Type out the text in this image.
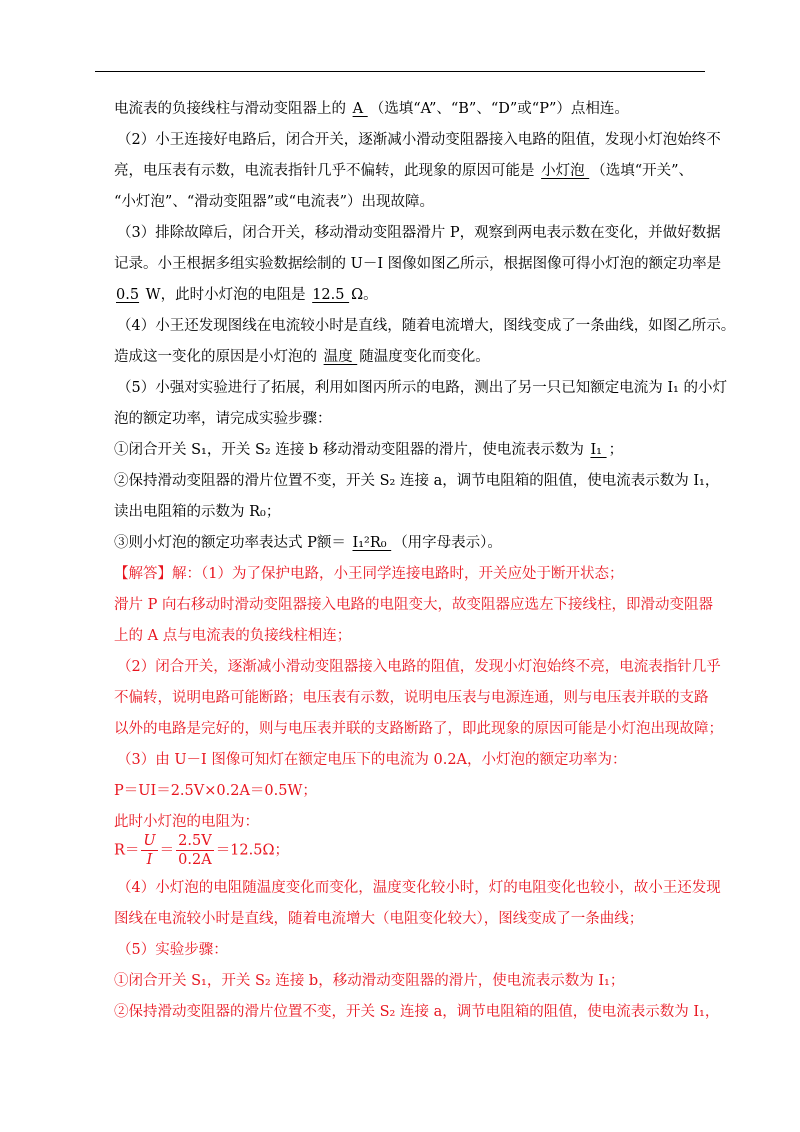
电流表的负接线柱与滑动变阻器上的 A （选填“A”、“B”、“D”或“P”）点相连。
（2）小王连接好电路后，闭合开关，逐渐减小滑动变阻器接入电路的阻值，发现小灯泡始终不
亮，电压表有示数，电流表指针几乎不偏转，此现象的原因可能是 小灯泡 （选填“开关”、
“小灯泡”、“滑动变阻器”或“电流表”）出现故障。
（3）排除故障后，闭合开关，移动滑动变阻器滑片 P，观察到两电表示数在变化，并做好数据
记录。小王根据多组实验数据绘制的 U－I 图像如图乙所示，根据图像可得小灯泡的额定功率是
0.5 W，此时小灯泡的电阻是 12.5 Ω。
（4）小王还发现图线在电流较小时是直线，随着电流增大，图线变成了一条曲线，如图乙所示。
造成这一变化的原因是小灯泡的 温度 随温度变化而变化。
（5）小强对实验进行了拓展，利用如图丙所示的电路，测出了另一只已知额定电流为 I₁ 的小灯
泡的额定功率，请完成实验步骤：
①闭合开关 S₁，开关 S₂ 连接 b 移动滑动变阻器的滑片，使电流表示数为 I₁ ；
②保持滑动变阻器的滑片位置不变，开关 S₂ 连接 a，调节电阻箱的阻值，使电流表示数为 I₁，
读出电阻箱的示数为 R₀；
③则小灯泡的额定功率表达式 P额＝ I₁²R₀ （用字母表示）。
【解答】解：（1）为了保护电路，小王同学连接电路时，开关应处于断开状态；
滑片 P 向右移动时滑动变阻器接入电路的电阻变大，故变阻器应选左下接线柱，即滑动变阻器
上的 A 点与电流表的负接线柱相连；
（2）闭合开关，逐渐减小滑动变阻器接入电路的阻值，发现小灯泡始终不亮，电流表指针几乎
不偏转，说明电路可能断路；电压表有示数，说明电压表与电源连通，则与电压表并联的支路
以外的电路是完好的，则与电压表并联的支路断路了，即此现象的原因可能是小灯泡出现故障；
（3）由 U－I 图像可知灯在额定电压下的电流为 0.2A，小灯泡的额定功率为：
P＝UI＝2.5V×0.2A＝0.5W；
此时小灯泡的电阻为：
$R= \frac{U}{I} = \frac{2.5V}{0.2A} =12.5\Omega$；
（4）小灯泡的电阻随温度变化而变化，温度变化较小时，灯的电阻变化也较小，故小王还发现
图线在电流较小时是直线，随着电流增大（电阻变化较大），图线变成了一条曲线；
（5）实验步骤：
①闭合开关 S₁，开关 S₂ 连接 b，移动滑动变阻器的滑片，使电流表示数为 I₁；
②保持滑动变阻器的滑片位置不变，开关 S₂ 连接 a，调节电阻箱的阻值，使电流表示数为 I₁，
